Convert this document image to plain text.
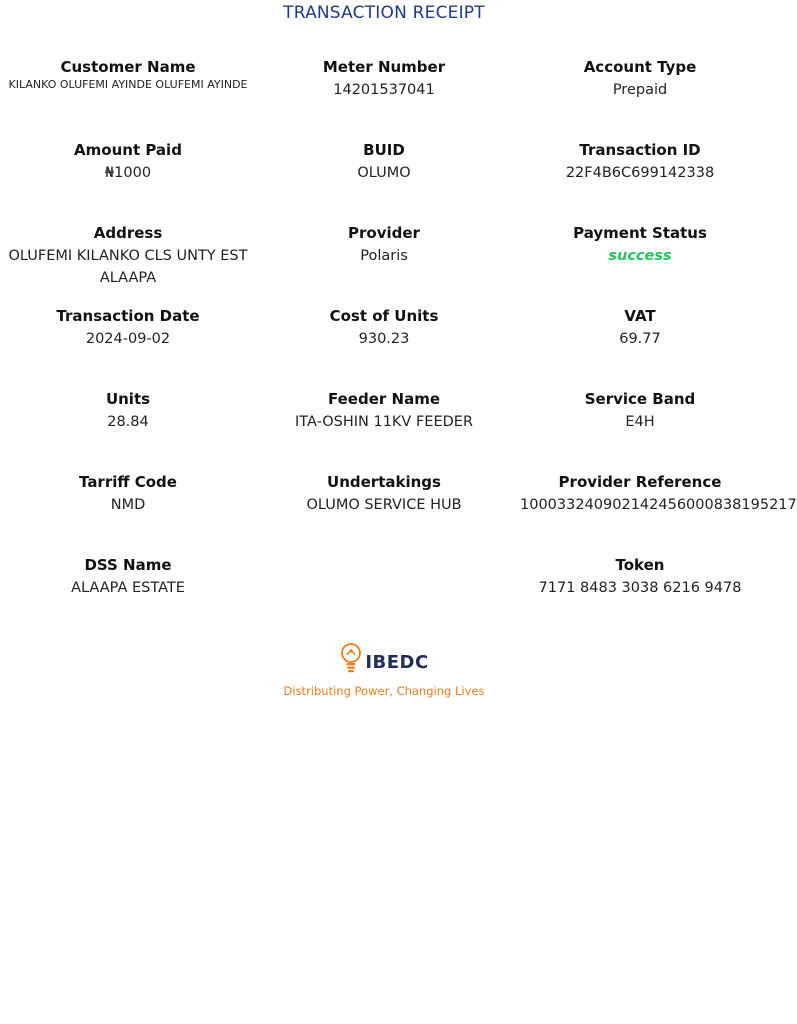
TRANSACTION RECEIPT
Customer Name
KILANKO OLUFEMI AYINDE OLUFEMI AYINDE
Meter Number
14201537041
Account Type
Prepaid
Amount Paid
₦1000
BUID
OLUMO
Transaction ID
22F4B6C699142338
Address
OLUFEMI KILANKO CLS UNTY EST ALAAPA
Provider
Polaris
Payment Status
success
Transaction Date
2024-09-02
Cost of Units
930.23
VAT
69.77
Units
28.84
Feeder Name
ITA-OSHIN 11KV FEEDER
Service Band
E4H
Tarriff Code
NMD
Undertakings
OLUMO SERVICE HUB
Provider Reference
100033240902142456000838195217
DSS Name
ALAAPA ESTATE
Token
7171 8483 3038 6216 9478
IBEDC
Distributing Power, Changing Lives
